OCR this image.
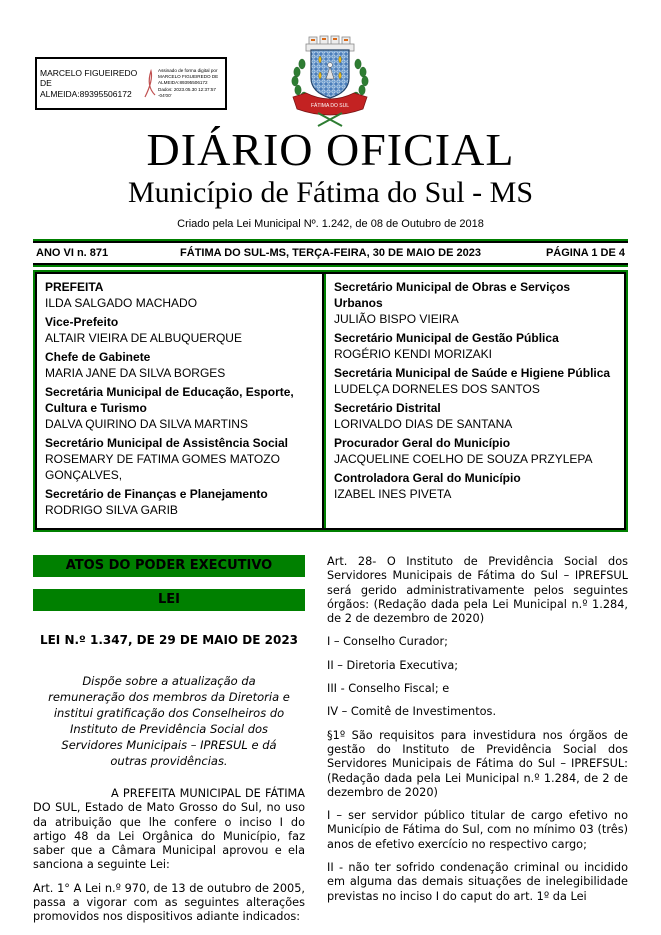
MARCELO FIGUEIREDO DE ALMEIDA:89395506172
Assinado de forma digital por
MARCELO FIGUEIREDO DE
ALMEIDA:89395506172
Dados: 2023.05.30 12:37:57 -04'00'
FÁTIMA DO SUL
DIÁRIO OFICIAL
Município de Fátima do Sul - MS
Criado pela Lei Municipal Nº. 1.242, de 08 de Outubro de 2018
ANO VI n. 871	FÁTIMA DO SUL-MS, TERÇA-FEIRA, 30 DE MAIO DE 2023	PÁGINA 1 DE 4
PREFEITA
ILDA SALGADO MACHADO
Vice-Prefeito
ALTAIR VIEIRA DE ALBUQUERQUE
Chefe de Gabinete
MARIA JANE DA SILVA BORGES
Secretária Municipal de Educação, Esporte, Cultura e Turismo
DALVA QUIRINO DA SILVA MARTINS
Secretário Municipal de Assistência Social
ROSEMARY DE FATIMA GOMES MATOZO GONÇALVES,
Secretário de Finanças e Planejamento
RODRIGO SILVA GARIB
Secretário Municipal de Obras e Serviços Urbanos
JULIÃO BISPO VIEIRA
Secretário Municipal de Gestão Pública
ROGÉRIO KENDI MORIZAKI
Secretária Municipal de Saúde e Higiene Pública
LUDELÇA DORNELES DOS SANTOS
Secretário Distrital
LORIVALDO DIAS DE SANTANA
Procurador Geral do Município
JACQUELINE COELHO DE SOUZA PRZYLEPA
Controladora Geral do Município
IZABEL INES PIVETA
ATOS DO PODER EXECUTIVO
LEI
LEI N.º 1.347, DE 29 DE MAIO DE 2023
Dispõe sobre a atualização da remuneração dos membros da Diretoria e institui gratificação dos Conselheiros do Instituto de Previdência Social dos Servidores Municipais – IPRESUL e dá outras providências.

A PREFEITA MUNICIPAL DE FÁTIMA DO SUL, Estado de Mato Grosso do Sul, no uso da atribuição que lhe confere o inciso I do artigo 48 da Lei Orgânica do Município, faz saber que a Câmara Municipal aprovou e ela sanciona a seguinte Lei:

Art. 1° A Lei n.º 970, de 13 de outubro de 2005, passa a vigorar com as seguintes alterações promovidos nos dispositivos adiante indicados:

Art. 28- O Instituto de Previdência Social dos Servidores Municipais de Fátima do Sul – IPREFSUL será gerido administrativamente pelos seguintes órgãos: (Redação dada pela Lei Municipal n.º 1.284, de 2 de dezembro de 2020)

I – Conselho Curador;

II – Diretoria Executiva;

III - Conselho Fiscal; e

IV – Comitê de Investimentos.

§1º São requisitos para investidura nos órgãos de gestão do Instituto de Previdência Social dos Servidores Municipais de Fátima do Sul – IPREFSUL: (Redação dada pela Lei Municipal n.º 1.284, de 2 de dezembro de 2020)

I – ser servidor público titular de cargo efetivo no Município de Fátima do Sul, com no mínimo 03 (três) anos de efetivo exercício no respectivo cargo;

II - não ter sofrido condenação criminal ou incidido em alguma das demais situações de inelegibilidade previstas no inciso I do caput do art. 1º da Lei
